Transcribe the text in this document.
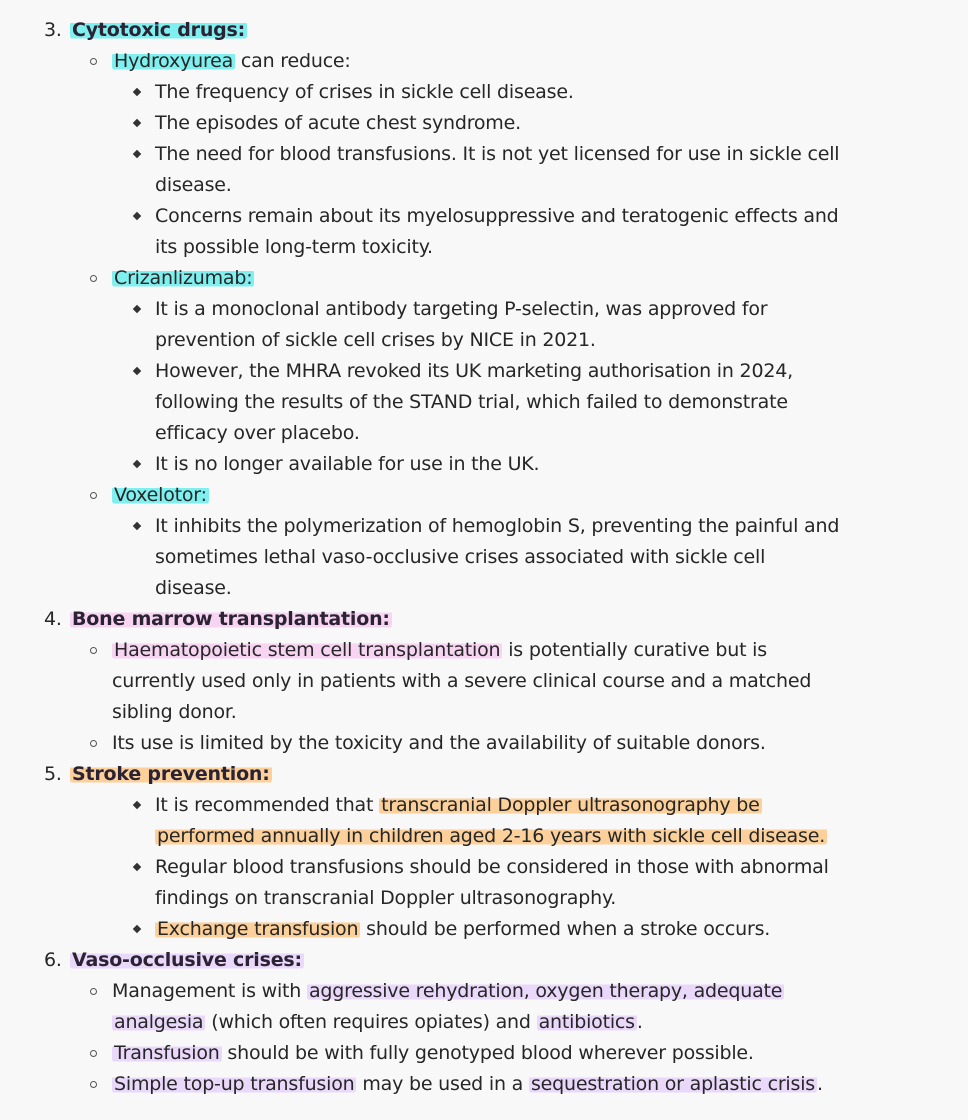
3. Cytotoxic drugs:
Hydroxyurea can reduce:
The frequency of crises in sickle cell disease.
The episodes of acute chest syndrome.
The need for blood transfusions. It is not yet licensed for use in sickle cell
disease.
Concerns remain about its myelosuppressive and teratogenic effects and
its possible long-term toxicity.
Crizanlizumab:
It is a monoclonal antibody targeting P-selectin, was approved for
prevention of sickle cell crises by NICE in 2021.
However, the MHRA revoked its UK marketing authorisation in 2024,
following the results of the STAND trial, which failed to demonstrate
efficacy over placebo.
It is no longer available for use in the UK.
Voxelotor:
It inhibits the polymerization of hemoglobin S, preventing the painful and
sometimes lethal vaso-occlusive crises associated with sickle cell
disease.
4. Bone marrow transplantation:
Haematopoietic stem cell transplantation is potentially curative but is
currently used only in patients with a severe clinical course and a matched
sibling donor.
Its use is limited by the toxicity and the availability of suitable donors.
5. Stroke prevention:
It is recommended that transcranial Doppler ultrasonography be
performed annually in children aged 2-16 years with sickle cell disease.
Regular blood transfusions should be considered in those with abnormal
findings on transcranial Doppler ultrasonography.
Exchange transfusion should be performed when a stroke occurs.
6. Vaso-occlusive crises:
Management is with aggressive rehydration, oxygen therapy, adequate
analgesia (which often requires opiates) and antibiotics .
Transfusion should be with fully genotyped blood wherever possible.
Simple top-up transfusion may be used in a sequestration or aplastic crisis .
